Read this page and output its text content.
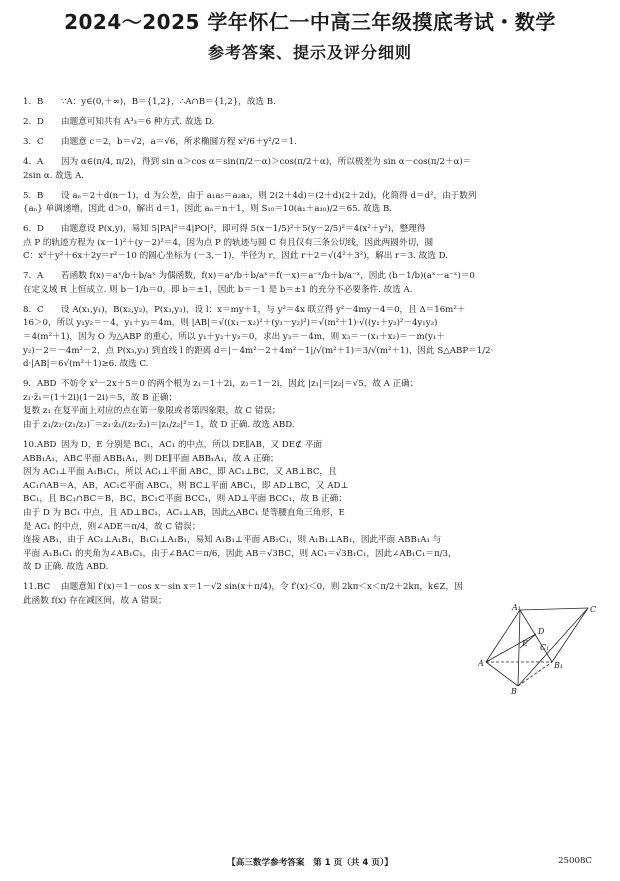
2024～2025 学年怀仁一中高三年级摸底考试・数学
参考答案、提示及评分细则
1. B ∵A：y∈(0,＋∞)，B＝{1,2}，∴A∩B＝{1,2}，故选 B.
2. D 由题意可知共有 A³₃＝6 种方式. 故选 D.
3. C 由题意 c＝2，b＝√2，a＝√6，所求椭圆方程 x²/6＋y²/2＝1.
4. A 因为 α∈(π/4, π/2)，得到 sin α＞cos α＝sin(π/2－α)＞cos(π/2＋α)，所以极差为 sin α－cos(π/2＋α)＝
2sin α. 故选 A.
5. B 设 aₙ＝2＋d(n－1)，d 为公差，由于 a₁a₅＝a₂a₃，则 2(2＋4d)＝(2＋d)(2＋2d)，化简得 d＝d²，由于数列
{aₙ} 单调递增，因此 d＞0，解出 d＝1，因此 aₙ＝n＋1，则 S₁₀＝10(a₁＋a₁₀)/2＝65. 故选 B.
6. D 由题意设 P(x,y)，易知 5|PA|²＝4|PO|²，即可得 5(x－1/5)²＋5(y－2/5)²＝4(x²＋y²)，整理得
点 P 的轨迹方程为 (x－1)²＋(y－2)²＝4，因为点 P 的轨迹与圆 C 有且仅有三条公切线，因此两圆外切，圆
C：x²＋y²＋6x＋2y＝r²－10 的圆心坐标为 (－3,－1)，半径为 r，因此 r＋2＝√(4²＋3²)，解出 r＝3. 故选 D.
7. A 若函数 f(x)＝aˣ/b＋b/aˣ 为偶函数，f(x)＝aˣ/b＋b/aˣ＝f(－x)＝a⁻ˣ/b＋b/a⁻ˣ，因此 (b－1/b)(aˣ－a⁻ˣ)＝0
在定义域 R 上恒成立. 则 b－1/b＝0，即 b＝±1，因此 b＝－1 是 b＝±1 的充分不必要条件. 故选 A.
8. C 设 A(x₁,y₁)，B(x₂,y₂)，P(x₃,y₃)，设 l：x＝my＋1，与 y²＝4x 联立得 y²－4my－4＝0，且 Δ＝16m²＋
16＞0，所以 y₁y₂＝－4，y₁＋y₂＝4m，则 |AB|＝√((x₁－x₂)²＋(y₁－y₂)²)＝√(m²＋1)·√((y₁＋y₂)²－4y₁y₂)
＝4(m²＋1)，因为 O 为△ABP 的重心，所以 y₁＋y₂＋y₃＝0，求出 y₃＝－4m，则 x₃＝－(x₁＋x₂)＝－m(y₁＋
y₂)－2＝－4m²－2，点 P(x₃,y₃) 到直线 l 的距离 d＝|－4m²－2＋4m²－1|/√(m²＋1)＝3/√(m²＋1)，因此 S△ABP＝1/2·
d·|AB|＝6√(m²＋1)≥6. 故选 C.
9. ABD 不妨令 x²－2x＋5＝0 的两个根为 z₁＝1＋2i，z₂＝1－2i，因此 |z₁|＝|z₂|＝√5，故 A 正确；
z₁·z̄₁＝(1＋2i)(1－2i)＝5，故 B 正确；
复数 z₁ 在复平面上对应的点在第一象限或者第四象限，故 C 错误；
由于 z₁/z₂·(z₁/z₂)‾＝z₁·z̄₁/(z₂·z̄₂)＝|z₁/z₂|²＝1，故 D 正确. 故选 ABD.
10.ABD 因为 D，E 分别是 BC₁，AC₁ 的中点，所以 DE∥AB，又 DE⊄ 平面
ABB₁A₁，AB⊂平面 ABB₁A₁，则 DE∥平面 ABB₁A₁，故 A 正确；
因为 AC₁⊥平面 A₁B₁C₁，所以 AC₁⊥平面 ABC，即 AC₁⊥BC，又 AB⊥BC，且
AC₁∩AB＝A，AB，AC₁⊂平面 ABC₁，则 BC⊥平面 ABC₁，即 AD⊥BC，又 AD⊥
BC₁，且 BC₁∩BC＝B，BC，BC₁⊂平面 BCC₁，则 AD⊥平面 BCC₁，故 B 正确；
由于 D 为 BC₁ 中点，且 AD⊥BC₁，AC₁⊥AB，因此△ABC₁ 是等腰直角三角形，E
是 AC₁ 的中点，则∠ADE＝π/4，故 C 错误；
连接 AB₁，由于 AC₁⊥A₁B₁，B₁C₁⊥A₁B₁，易知 A₁B₁⊥平面 AB₁C₁，则 A₁B₁⊥AB₁，因此平面 ABB₁A₁ 与
平面 A₁B₁C₁ 的夹角为∠AB₁C₁，由于∠BAC＝π/6，因此 AB＝√3BC，则 AC₁＝√3B₁C₁，因此∠AB₁C₁＝π/3，
故 D 正确. 故选 ABD.
11.BC 由题意知 f′(x)＝1－cos x－sin x＝1－√2 sin(x＋π/4)，令 f′(x)＜0，则 2kπ＜x＜π/2＋2kπ，k∈Z，因
此函数 f(x) 存在减区间，故 A 错误；
A
B
C
D
E
A₁
B₁
C₁
【高三数学参考答案　第 1 页（共 4 页）】	25008C
